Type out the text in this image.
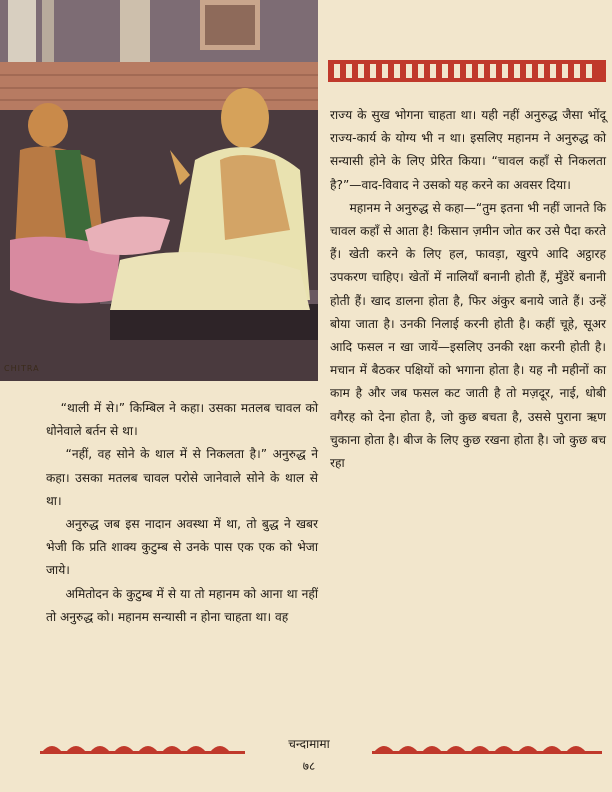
CHITRA

राज्य के सुख भोगना चाहता था। यही नहीं अनुरुद्ध जैसा भोंदू राज्य-कार्य के योग्य भी न था। इसलिए महानम ने अनुरुद्ध को सन्यासी होने के लिए प्रेरित किया। “चावल कहाँ से निकलता है?”—वाद-विवाद ने उसको यह करने का अवसर दिया।

महानम ने अनुरुद्ध से कहा—“तुम इतना भी नहीं जानते कि चावल कहाँ से आता है! किसान ज़मीन जोत कर उसे पैदा करते हैं। खेती करने के लिए हल, फावड़ा, खुरपे आदि अट्ठारह उपकरण चाहिए। खेतों में नालियाँ बनानी होती हैं, मुँडेरें बनानी होती हैं। खाद डालना होता है, फिर अंकुर बनाये जाते हैं। उन्हें बोया जाता है। उनकी निलाई करनी होती है। कहीं चूहे, सूअर आदि फसल न खा जायें—इसलिए उनकी रक्षा करनी होती है। मचान में बैठकर पक्षियों को भगाना होता है। यह नौ महीनों का काम है और जब फसल कट जाती है तो मज़दूर, नाई, धोबी वगैरह को देना होता है, जो कुछ बचता है, उससे पुराना ऋण चुकाना होता है। बीज के लिए कुछ रखना होता है। जो कुछ बच रहा

“थाली में से।” किम्बिल ने कहा। उसका मतलब चावल को धोनेवाले बर्तन से था।

“नहीं, वह सोने के थाल में से निकलता है।” अनुरुद्ध ने कहा। उसका मतलब चावल परोसे जानेवाले सोने के थाल से था।

अनुरुद्ध जब इस नादान अवस्था में था, तो बुद्ध ने खबर भेजी कि प्रति शाक्य कुटुम्ब से उनके पास एक एक को भेजा जाये।

अमितोदन के कुटुम्ब में से या तो महानम को आना था नहीं तो अनुरुद्ध को। महानम सन्यासी न होना चाहता था। वह

चन्दामामा
७८
